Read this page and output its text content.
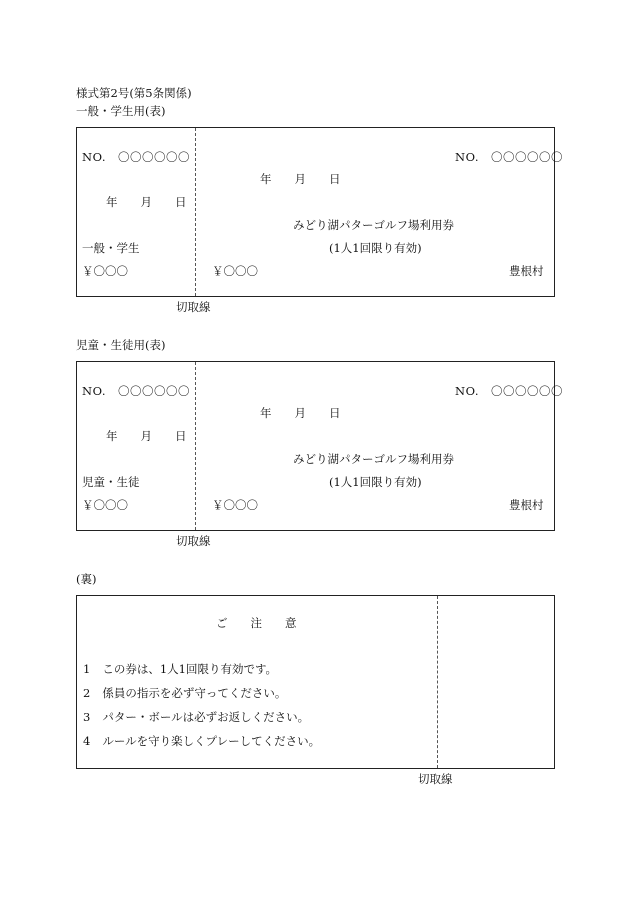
様式第2号(第5条関係)
一般・学生用(表)
NO.　〇〇〇〇〇〇
年　　月　　日
一般・学生
￥〇〇〇
NO.　〇〇〇〇〇〇
年　　月　　日
みどり湖パターゴルフ場利用券
(1人1回限り有効)
￥〇〇〇	豊根村
切取線
児童・生徒用(表)
NO.　〇〇〇〇〇〇
年　　月　　日
児童・生徒
￥〇〇〇
NO.　〇〇〇〇〇〇
年　　月　　日
みどり湖パターゴルフ場利用券
(1人1回限り有効)
￥〇〇〇	豊根村
切取線
(裏)
ご　　注　　意
1 この券は、1人1回限り有効です。
2 係員の指示を必ず守ってください。
3 パター・ボールは必ずお返しください。
4 ルールを守り楽しくプレーしてください。
切取線
